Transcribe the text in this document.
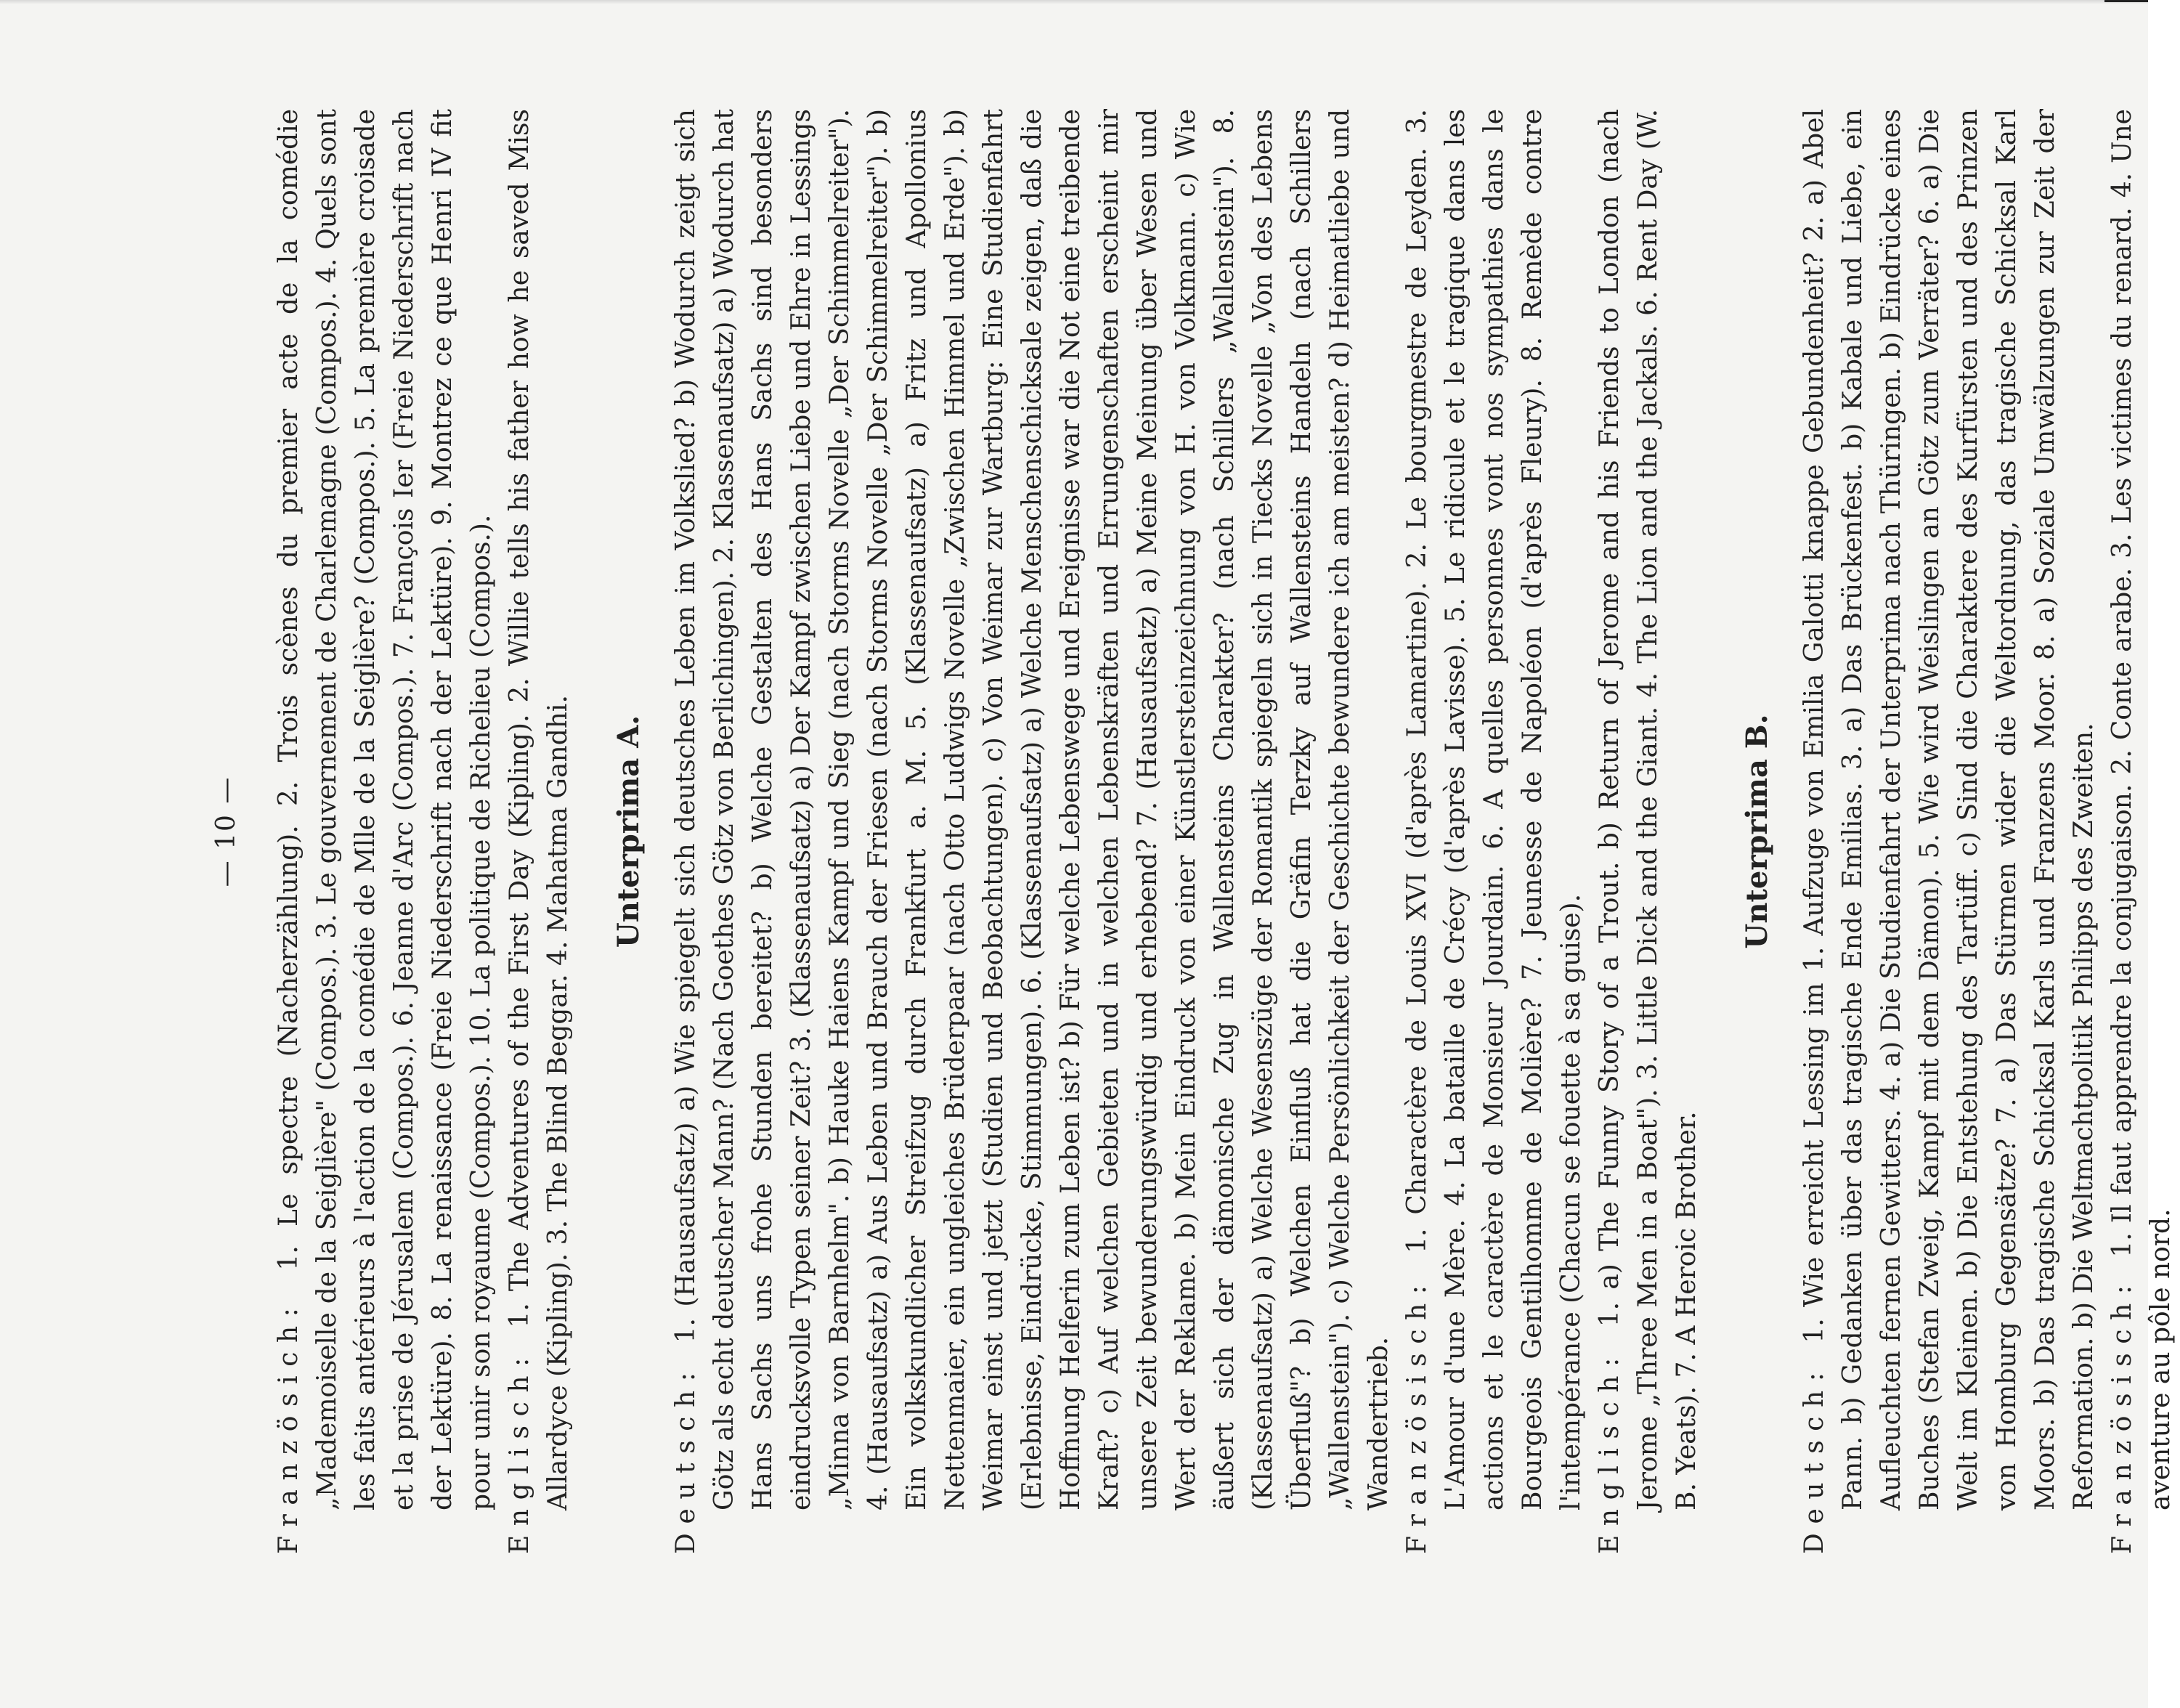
— 10 —

Französich: 1. Le spectre (Nacherzählung). 2. Trois scènes du premier acte de la comédie „Mademoiselle de la Seiglière" (Compos.). 3. Le gouvernement de Charlemagne (Compos.). 4. Quels sont les faits antérieurs à l'action de la comédie de Mlle de la Seiglière? (Compos.). 5. La première croisade et la prise de Jérusalem (Compos.). 6. Jeanne d'Arc (Compos.). 7. François Ier (Freie Niederschrift nach der Lektüre). 8. La renaissance (Freie Niederschrift nach der Lektüre). 9. Montrez ce que Henri IV fit pour unir son royaume (Compos.). 10. La politique de Richelieu (Compos.). Englisch: 1. The Adventures of the First Day (Kipling). 2. Willie tells his father how he saved Miss Allardyce (Kipling). 3. The Blind Beggar. 4. Mahatma Gandhi. Unterprima A.

Deutsch: 1. (Hausaufsatz) a) Wie spiegelt sich deutsches Leben im Volkslied? b) Wodurch zeigt sich Götz als echt deutscher Mann? (Nach Goethes Götz von Berlichingen). 2. Klassenaufsatz) a) Wodurch hat Hans Sachs uns frohe Stunden bereitet? b) Welche Gestalten des Hans Sachs sind besonders eindrucksvolle Typen seiner Zeit? 3. (Klassenaufsatz) a) Der Kampf zwischen Liebe und Ehre in Lessings „Minna von Barnhelm". b) Hauke Haiens Kampf und Sieg (nach Storms Novelle „Der Schimmelreiter"). 4. (Hausaufsatz) a) Aus Leben und Brauch der Friesen (nach Storms Novelle „Der Schimmelreiter"). b) Ein volkskundlicher Streifzug durch Frankfurt a. M. 5. (Klassenaufsatz) a) Fritz und Apollonius Nettenmaier, ein ungleiches Brüderpaar (nach Otto Ludwigs Novelle „Zwischen Himmel und Erde"). b) Weimar einst und jetzt (Studien und Beobachtungen). c) Von Weimar zur Wartburg: Eine Studienfahrt (Erlebnisse, Eindrücke, Stimmungen). 6. (Klassenaufsatz) a) Welche Menschenschicksale zeigen, daß die Hoffnung Helferin zum Leben ist? b) Für welche Lebenswege und Ereignisse war die Not eine treibende Kraft? c) Auf welchen Gebieten und in welchen Lebenskräften und Errungenschaften erscheint mir unsere Zeit bewunderungswürdig und erhebend? 7. (Hausaufsatz) a) Meine Meinung über Wesen und Wert der Reklame. b) Mein Eindruck von einer Künstlersteinzeichnung von H. von Volkmann. c) Wie äußert sich der dämonische Zug in Wallensteins Charakter? (nach Schillers „Wallenstein"). 8. (Klassenaufsatz) a) Welche Wesenszüge der Romantik spiegeln sich in Tiecks Novelle „Von des Lebens Überfluß"? b) Welchen Einfluß hat die Gräfin Terzky auf Wallensteins Handeln (nach Schillers „Wallenstein"). c) Welche Persönlichkeit der Geschichte bewundere ich am meisten? d) Heimatliebe und Wandertrieb. Französisch: 1. Charactère de Louis XVI (d'après Lamartine). 2. Le bourgmestre de Leyden. 3. L'Amour d'une Mère. 4. La bataille de Crécy (d'après Lavisse). 5. Le ridicule et le tragique dans les actions et le caractère de Monsieur Jourdain. 6. A quelles personnes vont nos sympathies dans le Bourgeois Gentilhomme de Molière? 7. Jeunesse de Napoléon (d'après Fleury). 8. Remède contre l'intempérance (Chacun se fouette à sa guise). Englisch: 1. a) The Funny Story of a Trout. b) Return of Jerome and his Friends to London (nach Jerome „Three Men in a Boat"). 3. Little Dick and the Giant. 4. The Lion and the Jackals. 6. Rent Day (W. B. Yeats). 7. A Heroic Brother.

Unterprima B.

Deutsch: 1. Wie erreicht Lessing im 1. Aufzuge von Emilia Galotti knappe Gebundenheit? 2. a) Abel Pann. b) Gedanken über das tragische Ende Emilias. 3. a) Das Brückenfest. b) Kabale und Liebe, ein Aufleuchten fernen Gewitters. 4. a) Die Studienfahrt der Unterprima nach Thüringen. b) Eindrücke eines Buches (Stefan Zweig, Kampf mit dem Dämon). 5. Wie wird Weislingen an Götz zum Verräter? 6. a) Die Welt im Kleinen. b) Die Entstehung des Tartüff. c) Sind die Charaktere des Kurfürsten und des Prinzen von Homburg Gegensätze? 7. a) Das Stürmen wider die Weltordnung, das tragische Schicksal Karl Moors. b) Das tragische Schicksal Karls und Franzens Moor. 8. a) Soziale Umwälzungen zur Zeit der Reformation. b) Die Weltmachtpolitik Philipps des Zweiten. Französisch: 1. Il faut apprendre la conjugaison. 2. Conte arabe. 3. Les victimes du renard. 4. Une aventure au pôle nord.
